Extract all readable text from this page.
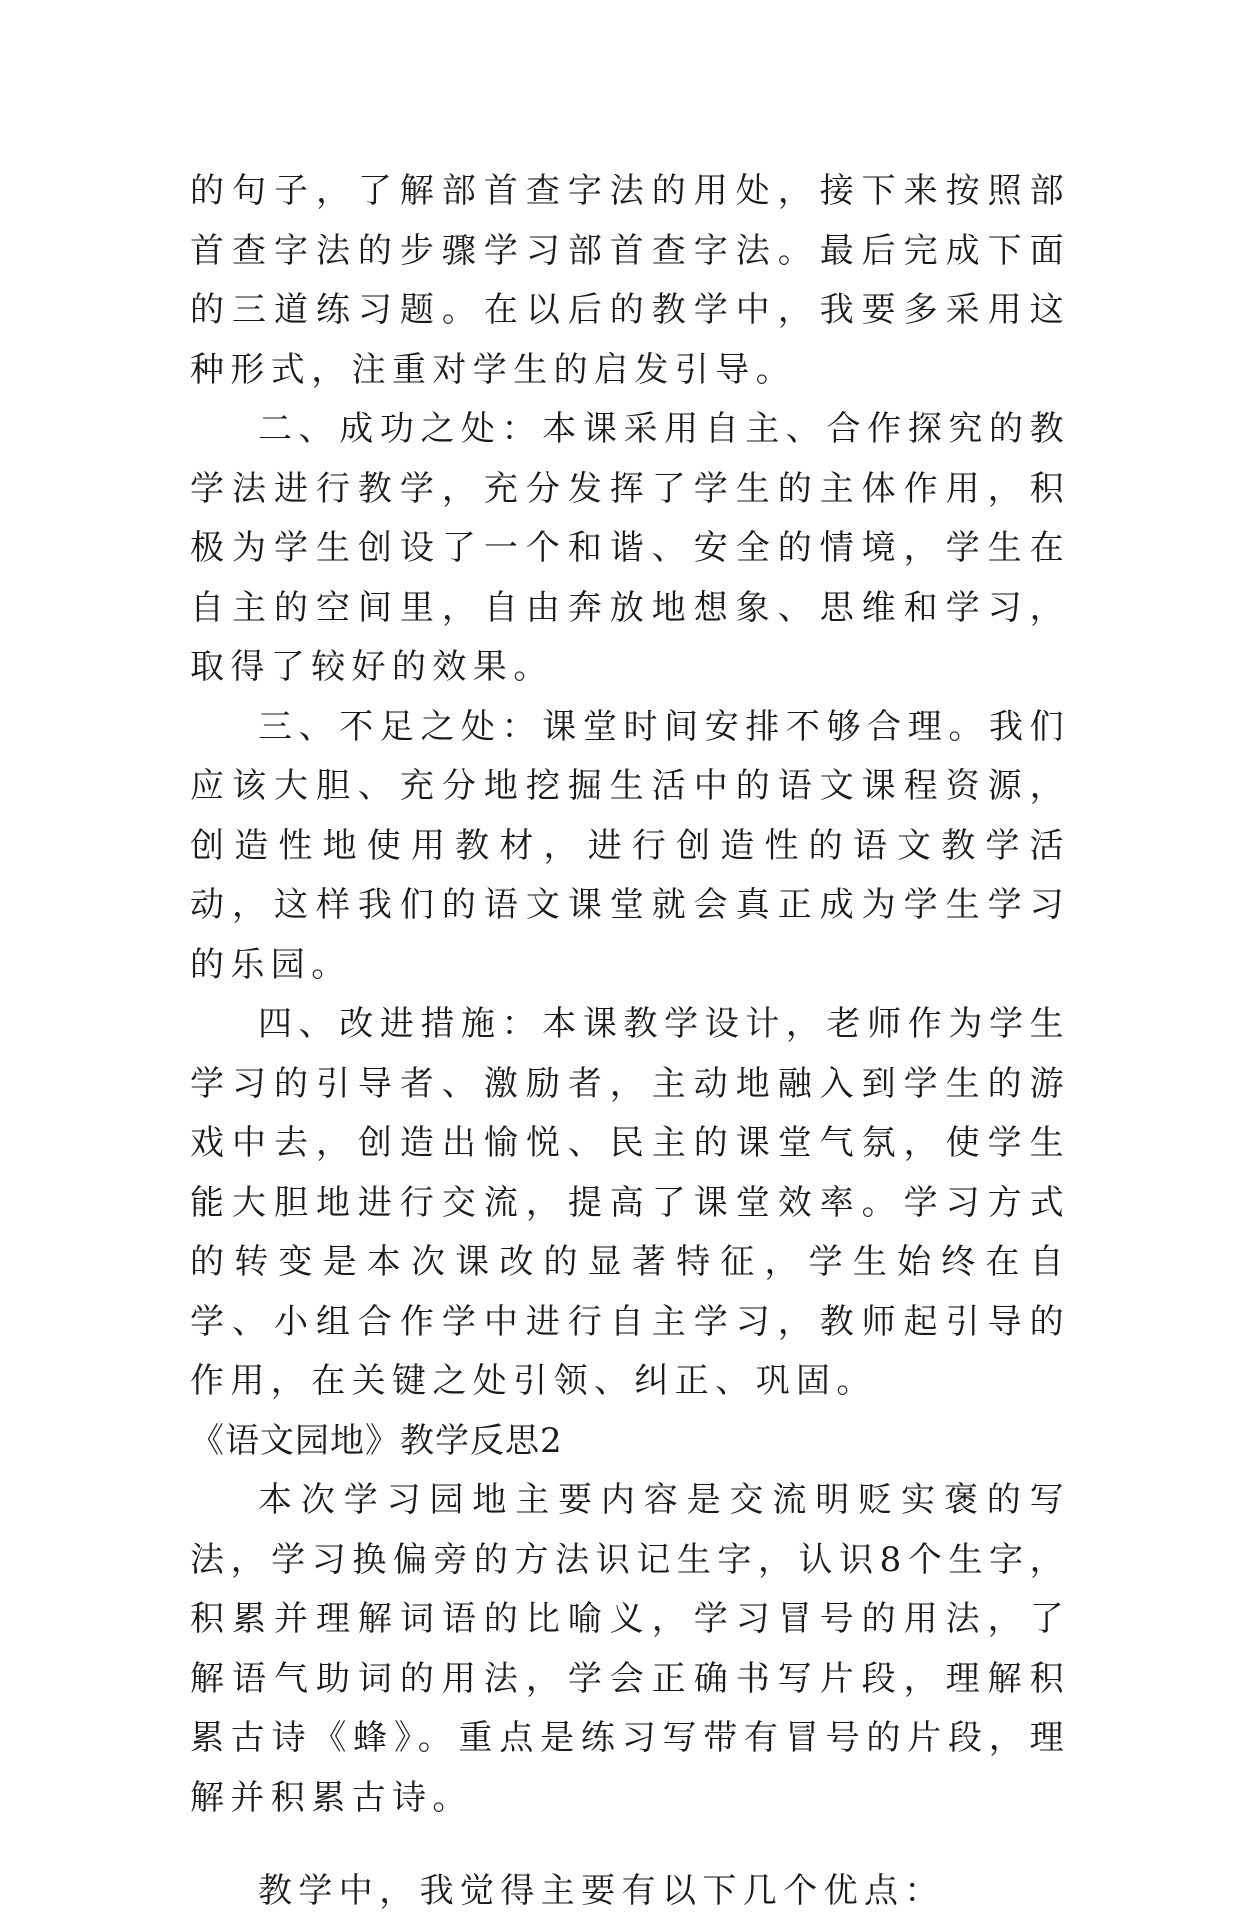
的句子，了解部首查字法的用处，接下来按照部首查字法的步骤学习部首查字法。最后完成下面的三道练习题。在以后的教学中，我要多采用这种形式，注重对学生的启发引导。

二、成功之处：本课采用自主、合作探究的教学法进行教学，充分发挥了学生的主体作用，积极为学生创设了一个和谐、安全的情境，学生在自主的空间里，自由奔放地想象、思维和学习，取得了较好的效果。

三、不足之处：课堂时间安排不够合理。我们应该大胆、充分地挖掘生活中的语文课程资源，创造性地使用教材，进行创造性的语文教学活动，这样我们的语文课堂就会真正成为学生学习的乐园。

四、改进措施：本课教学设计，老师作为学生学习的引导者、激励者，主动地融入到学生的游戏中去，创造出愉悦、民主的课堂气氛，使学生能大胆地进行交流，提高了课堂效率。学习方式的转变是本次课改的显著特征，学生始终在自学、小组合作学中进行自主学习，教师起引导的作用，在关键之处引领、纠正、巩固。

《语文园地》教学反思2

本次学习园地主要内容是交流明贬实褒的写法，学习换偏旁的方法识记生字，认识8个生字，积累并理解词语的比喻义，学习冒号的用法，了解语气助词的用法，学会正确书写片段，理解积累古诗《蜂》。重点是练习写带有冒号的片段，理解并积累古诗。

教学中，我觉得主要有以下几个优点：
